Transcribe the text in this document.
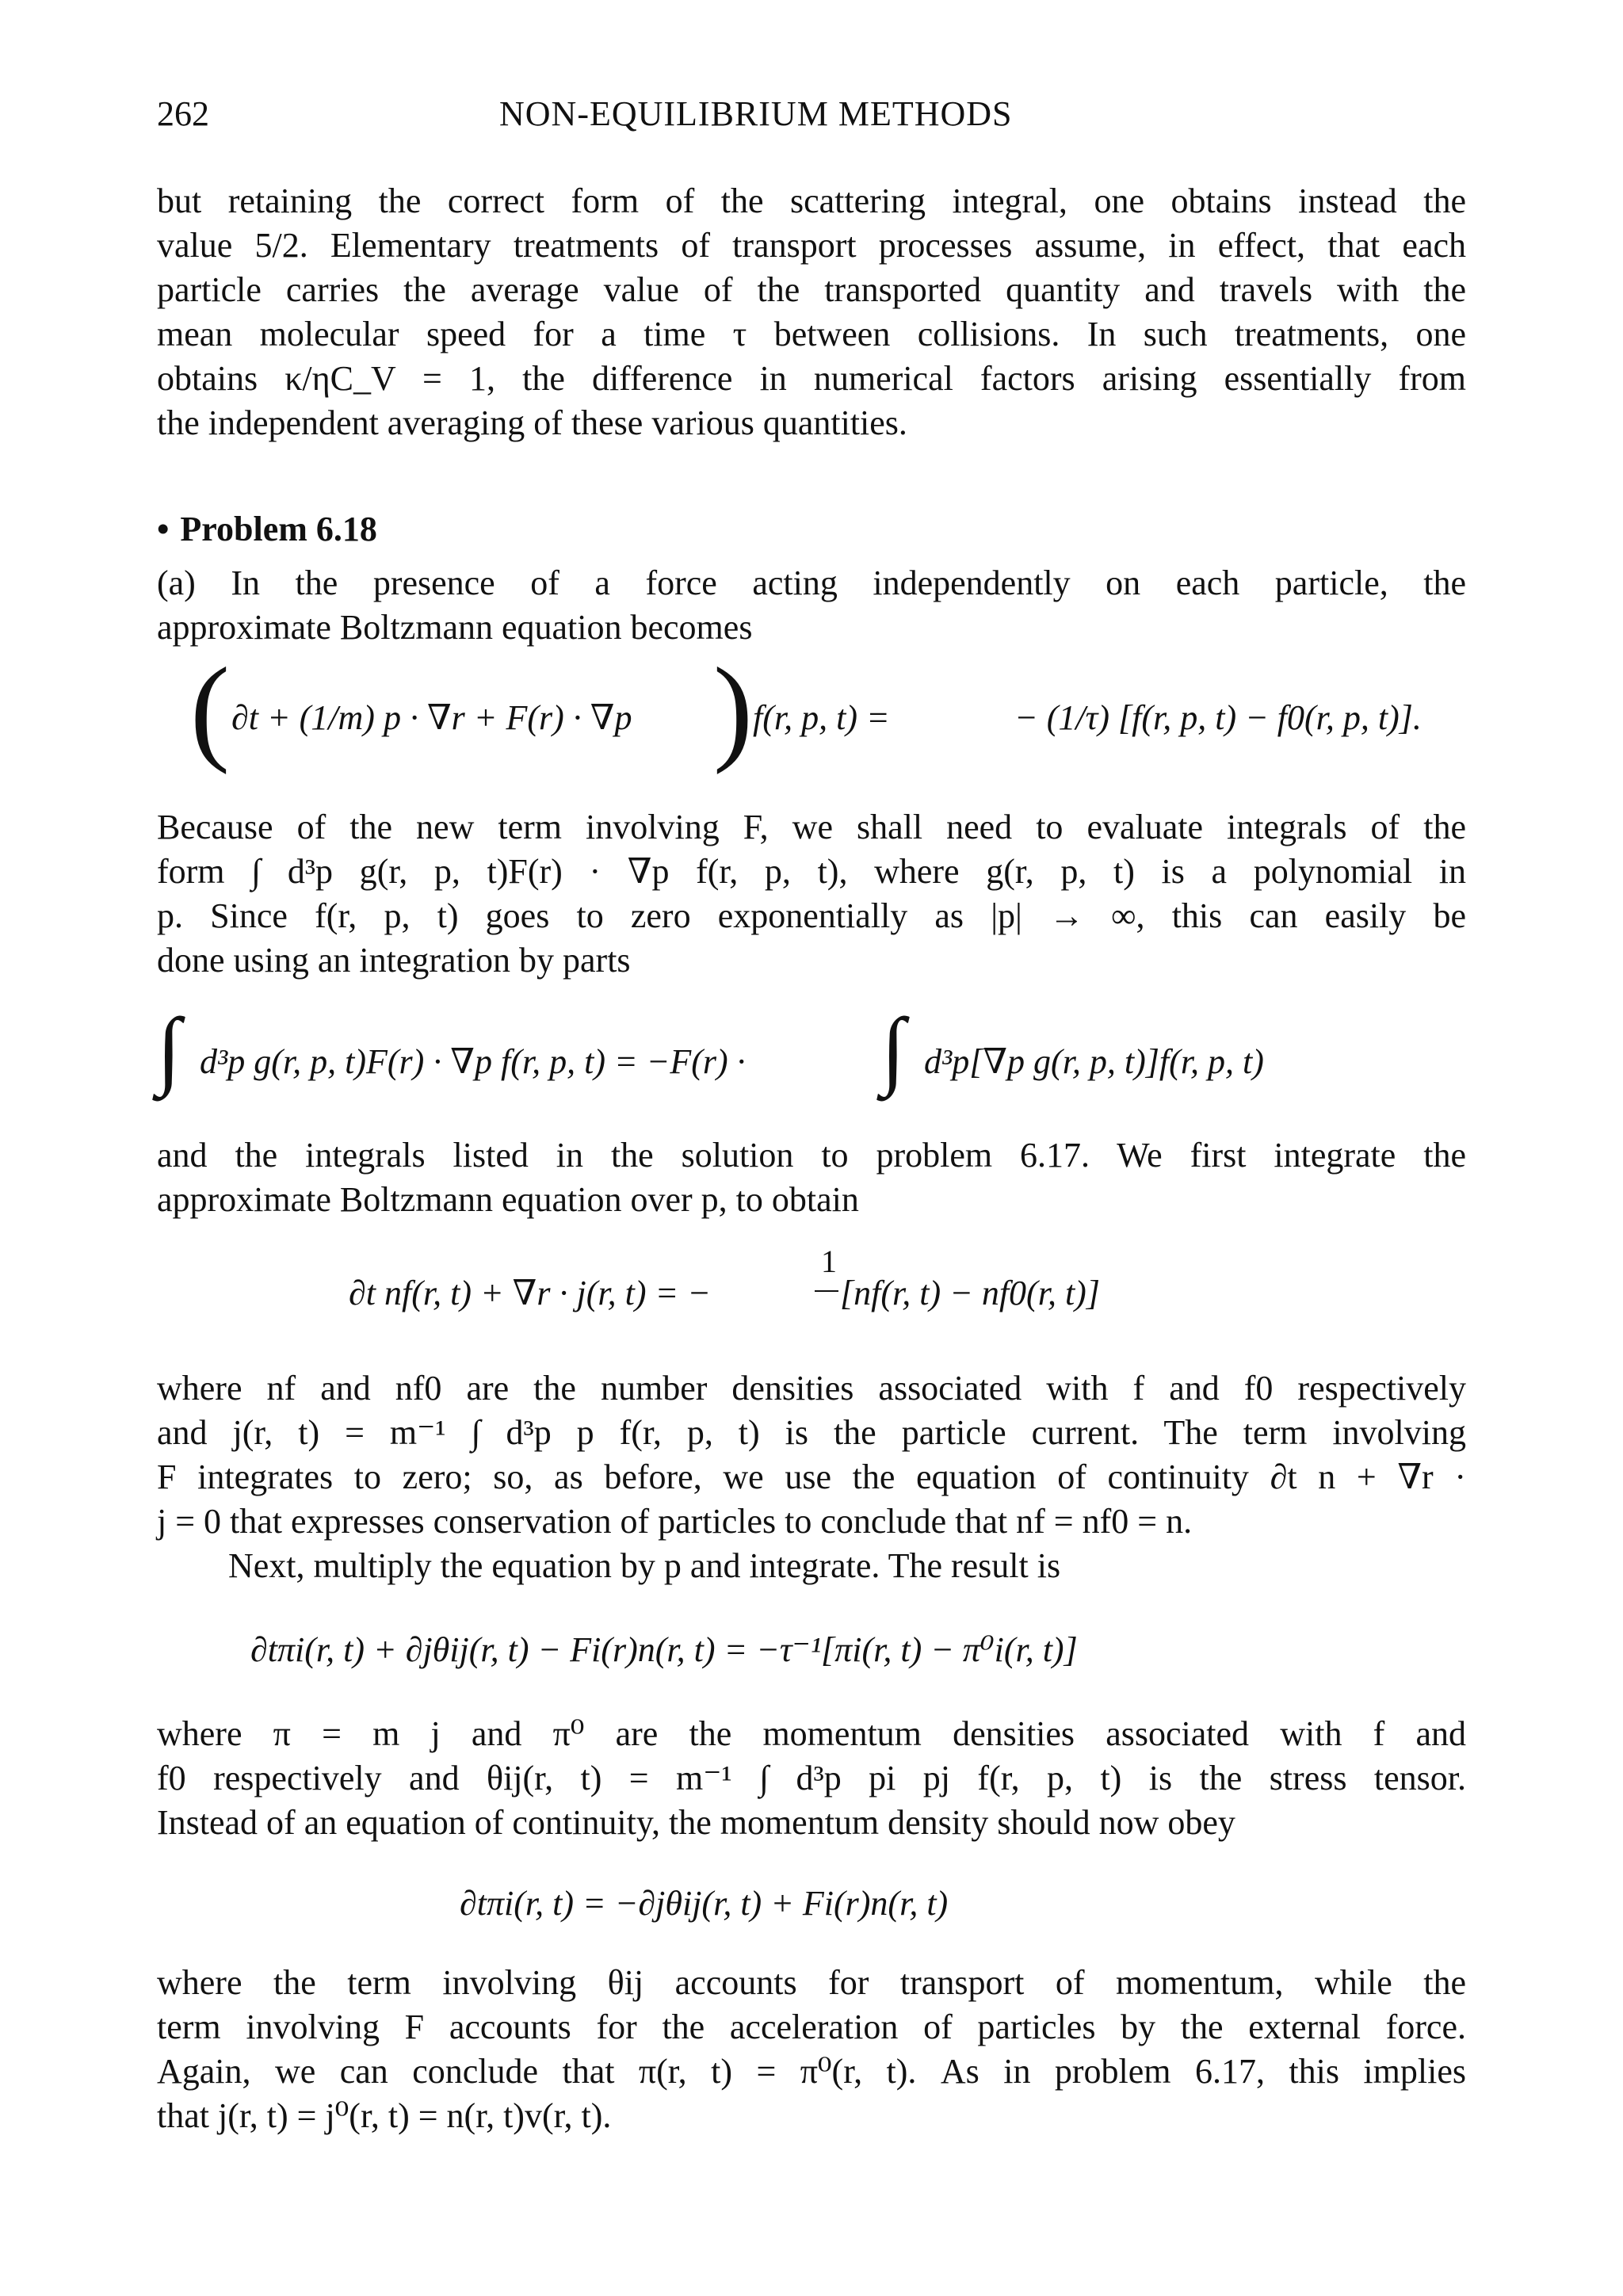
262	NON-EQUILIBRIUM METHODS
but retaining the correct form of the scattering integral, one obtains instead the
value 5/2. Elementary treatments of transport processes assume, in effect, that each
particle carries the average value of the transported quantity and travels with the
mean molecular speed for a time τ between collisions. In such treatments, one
obtains κ/ηC_V = 1, the difference in numerical factors arising essentially from
the independent averaging of these various quantities.
• Problem 6.18
(a) In the presence of a force acting independently on each particle, the
approximate Boltzmann equation becomes
( ∂t + (1/m) p · ∇r + F(r) · ∇p ) f(r, p, t) =	− (1/τ) [f(r, p, t) − f0(r, p, t)].
Because of the new term involving F, we shall need to evaluate integrals of the
form ∫ d³p g(r, p, t)F(r) · ∇p f(r, p, t), where g(r, p, t) is a polynomial in
p. Since f(r, p, t) goes to zero exponentially as |p| → ∞, this can easily be
done using an integration by parts
∫ d³p g(r, p, t)F(r) · ∇p f(r, p, t) = −F(r) · ∫ d³p[∇p g(r, p, t)]f(r, p, t)
and the integrals listed in the solution to problem 6.17. We first integrate the
approximate Boltzmann equation over p, to obtain
∂t nf(r, t) + ∇r · j(r, t) = −
1
[nf(r, t) − nf0(r, t)]
where nf and nf0 are the number densities associated with f and f0 respectively
and j(r, t) = m⁻¹ ∫ d³p p f(r, p, t) is the particle current. The term involving
F integrates to zero; so, as before, we use the equation of continuity ∂t n + ∇r ·
j = 0 that expresses conservation of particles to conclude that nf = nf0 = n.
Next, multiply the equation by p and integrate. The result is
∂tπi(r, t) + ∂jθij(r, t) − Fi(r)n(r, t) = −τ⁻¹[πi(r, t) − π⁰i(r, t)]
where π = m j and π⁰ are the momentum densities associated with f and
f0 respectively and θij(r, t) = m⁻¹ ∫ d³p pi pj f(r, p, t) is the stress tensor.
Instead of an equation of continuity, the momentum density should now obey
∂tπi(r, t) = −∂jθij(r, t) + Fi(r)n(r, t)
where the term involving θij accounts for transport of momentum, while the
term involving F accounts for the acceleration of particles by the external force.
Again, we can conclude that π(r, t) = π⁰(r, t). As in problem 6.17, this implies
that j(r, t) = j⁰(r, t) = n(r, t)v(r, t).
